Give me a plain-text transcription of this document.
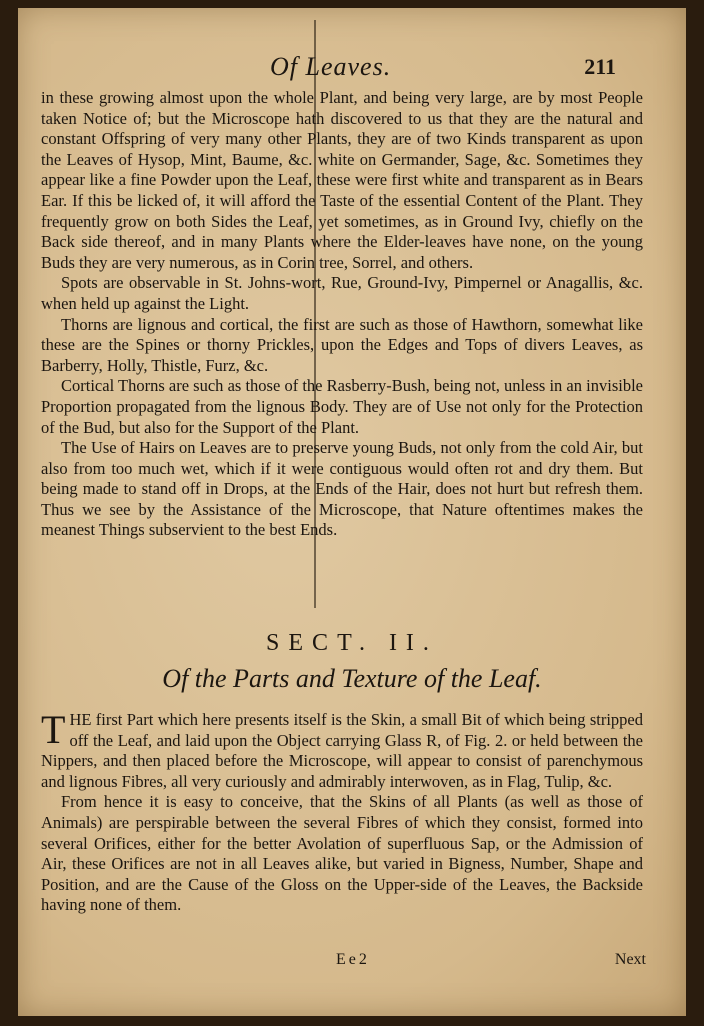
Of Leaves.	211

in these growing almost upon the whole Plant, and being very large, are by most People taken Notice of; but the Microscope hath discovered to us that they are the natural and constant Offspring of very many other Plants, they are of two Kinds transparent as upon the Leaves of Hysop, Mint, Baume, &c. white on Germander, Sage, &c. Sometimes they appear like a fine Powder upon the Leaf, these were first white and transparent as in Bears Ear. If this be licked of, it will afford the Taste of the essential Content of the Plant. They frequently grow on both Sides the Leaf, yet sometimes, as in Ground Ivy, chiefly on the Back side thereof, and in many Plants where the Elder-leaves have none, on the young Buds they are very numerous, as in Corin tree, Sorrel, and others.

Spots are observable in St. Johns-wort, Rue, Ground-Ivy, Pimpernel or Anagallis, &c. when held up against the Light.

Thorns are lignous and cortical, the first are such as those of Hawthorn, somewhat like these are the Spines or thorny Prickles, upon the Edges and Tops of divers Leaves, as Barberry, Holly, Thistle, Furz, &c.

Cortical Thorns are such as those of the Rasberry-Bush, being not, unless in an invisible Proportion propagated from the lignous Body. They are of Use not only for the Protection of the Bud, but also for the Support of the Plant.

The Use of Hairs on Leaves are to preserve young Buds, not only from the cold Air, but also from too much wet, which if it were contiguous would often rot and dry them. But being made to stand off in Drops, at the Ends of the Hair, does not hurt but refresh them. Thus we see by the Assistance of the Microscope, that Nature oftentimes makes the meanest Things subservient to the best Ends.

SECT. II.
Of the Parts and Texture of the Leaf.

THE first Part which here presents itself is the Skin, a small Bit of which being stripped off the Leaf, and laid upon the Object carrying Glass R, of Fig. 2. or held between the Nippers, and then placed before the Microscope, will appear to consist of parenchymous and lignous Fibres, all very curiously and admirably interwoven, as in Flag, Tulip, &c.

From hence it is easy to conceive, that the Skins of all Plants (as well as those of Animals) are perspirable between the several Fibres of which they consist, formed into several Orifices, either for the better Avolation of superfluous Sap, or the Admission of Air, these Orifices are not in all Leaves alike, but varied in Bigness, Number, Shape and Position, and are the Cause of the Gloss on the Upper-side of the Leaves, the Backside having none of them.

Ee2	Next
